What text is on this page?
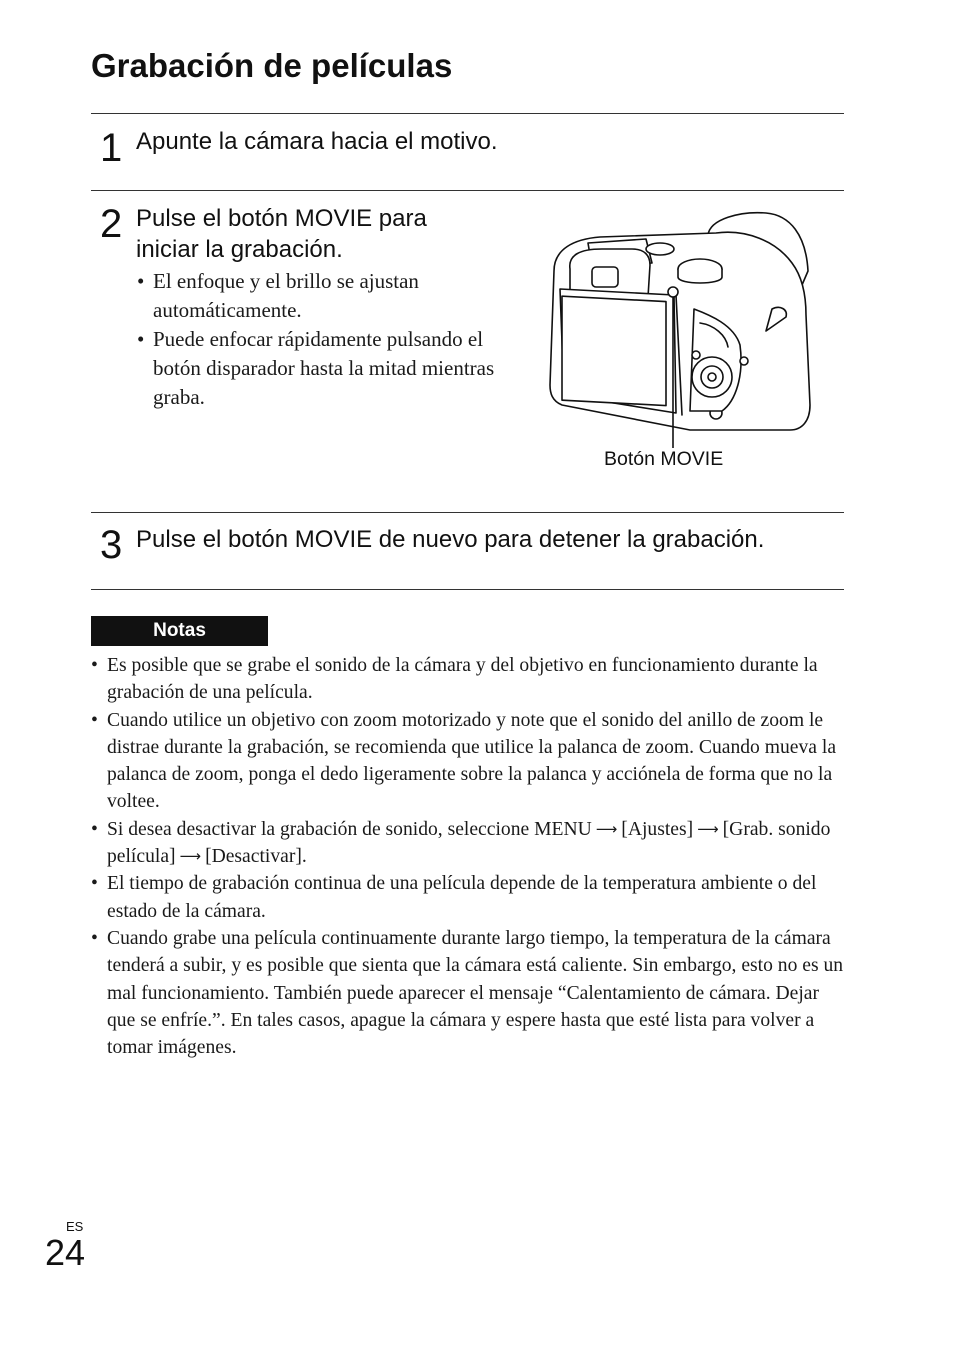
Grabación de películas
1 Apunte la cámara hacia el motivo.
2 Pulse el botón MOVIE para iniciar la grabación.
• El enfoque y el brillo se ajustan automáticamente.
• Puede enfocar rápidamente pulsando el botón disparador hasta la mitad mientras graba.
Botón MOVIE
3 Pulse el botón MOVIE de nuevo para detener la grabación.
Notas
• Es posible que se grabe el sonido de la cámara y del objetivo en funcionamiento durante la grabación de una película.
• Cuando utilice un objetivo con zoom motorizado y note que el sonido del anillo de zoom le distrae durante la grabación, se recomienda que utilice la palanca de zoom. Cuando mueva la palanca de zoom, ponga el dedo ligeramente sobre la palanca y acciónela de forma que no la voltee.
• Si desea desactivar la grabación de sonido, seleccione MENU ⟶ [Ajustes] ⟶ [Grab. sonido película] ⟶ [Desactivar].
• El tiempo de grabación continua de una película depende de la temperatura ambiente o del estado de la cámara.
• Cuando grabe una película continuamente durante largo tiempo, la temperatura de la cámara tenderá a subir, y es posible que sienta que la cámara está caliente. Sin embargo, esto no es un mal funcionamiento. También puede aparecer el mensaje “Calentamiento de cámara. Dejar que se enfríe.”. En tales casos, apague la cámara y espere hasta que esté lista para volver a tomar imágenes.
ES
24
